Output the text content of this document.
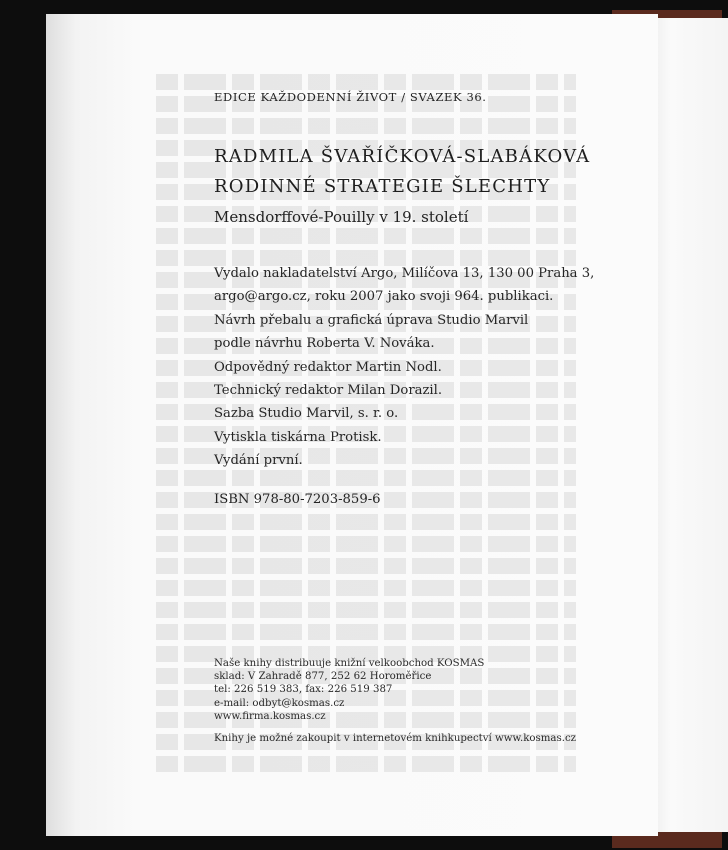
EDICE KAŽDODENNÍ ŽIVOT / SVAZEK 36.
RADMILA ŠVAŘÍČKOVÁ-SLABÁKOVÁ
RODINNÉ STRATEGIE ŠLECHTY
Mensdorffové-Pouilly v 19. století
Vydalo nakladatelství Argo, Milíčova 13, 130 00 Praha 3,
argo@argo.cz, roku 2007 jako svoji 964. publikaci.
Návrh přebalu a grafická úprava Studio Marvil
podle návrhu Roberta V. Nováka.
Odpovědný redaktor Martin Nodl.
Technický redaktor Milan Dorazil.
Sazba Studio Marvil, s. r. o.
Vytiskla tiskárna Protisk.
Vydání první.
ISBN 978-80-7203-859-6
Naše knihy distribuuje knižní velkoobchod KOSMAS
sklad: V Zahradě 877, 252 62 Horoměřice
tel: 226 519 383, fax: 226 519 387
e-mail: odbyt@kosmas.cz
www.firma.kosmas.cz
Knihy je možné zakoupit v internetovém knihkupectví www.kosmas.cz
